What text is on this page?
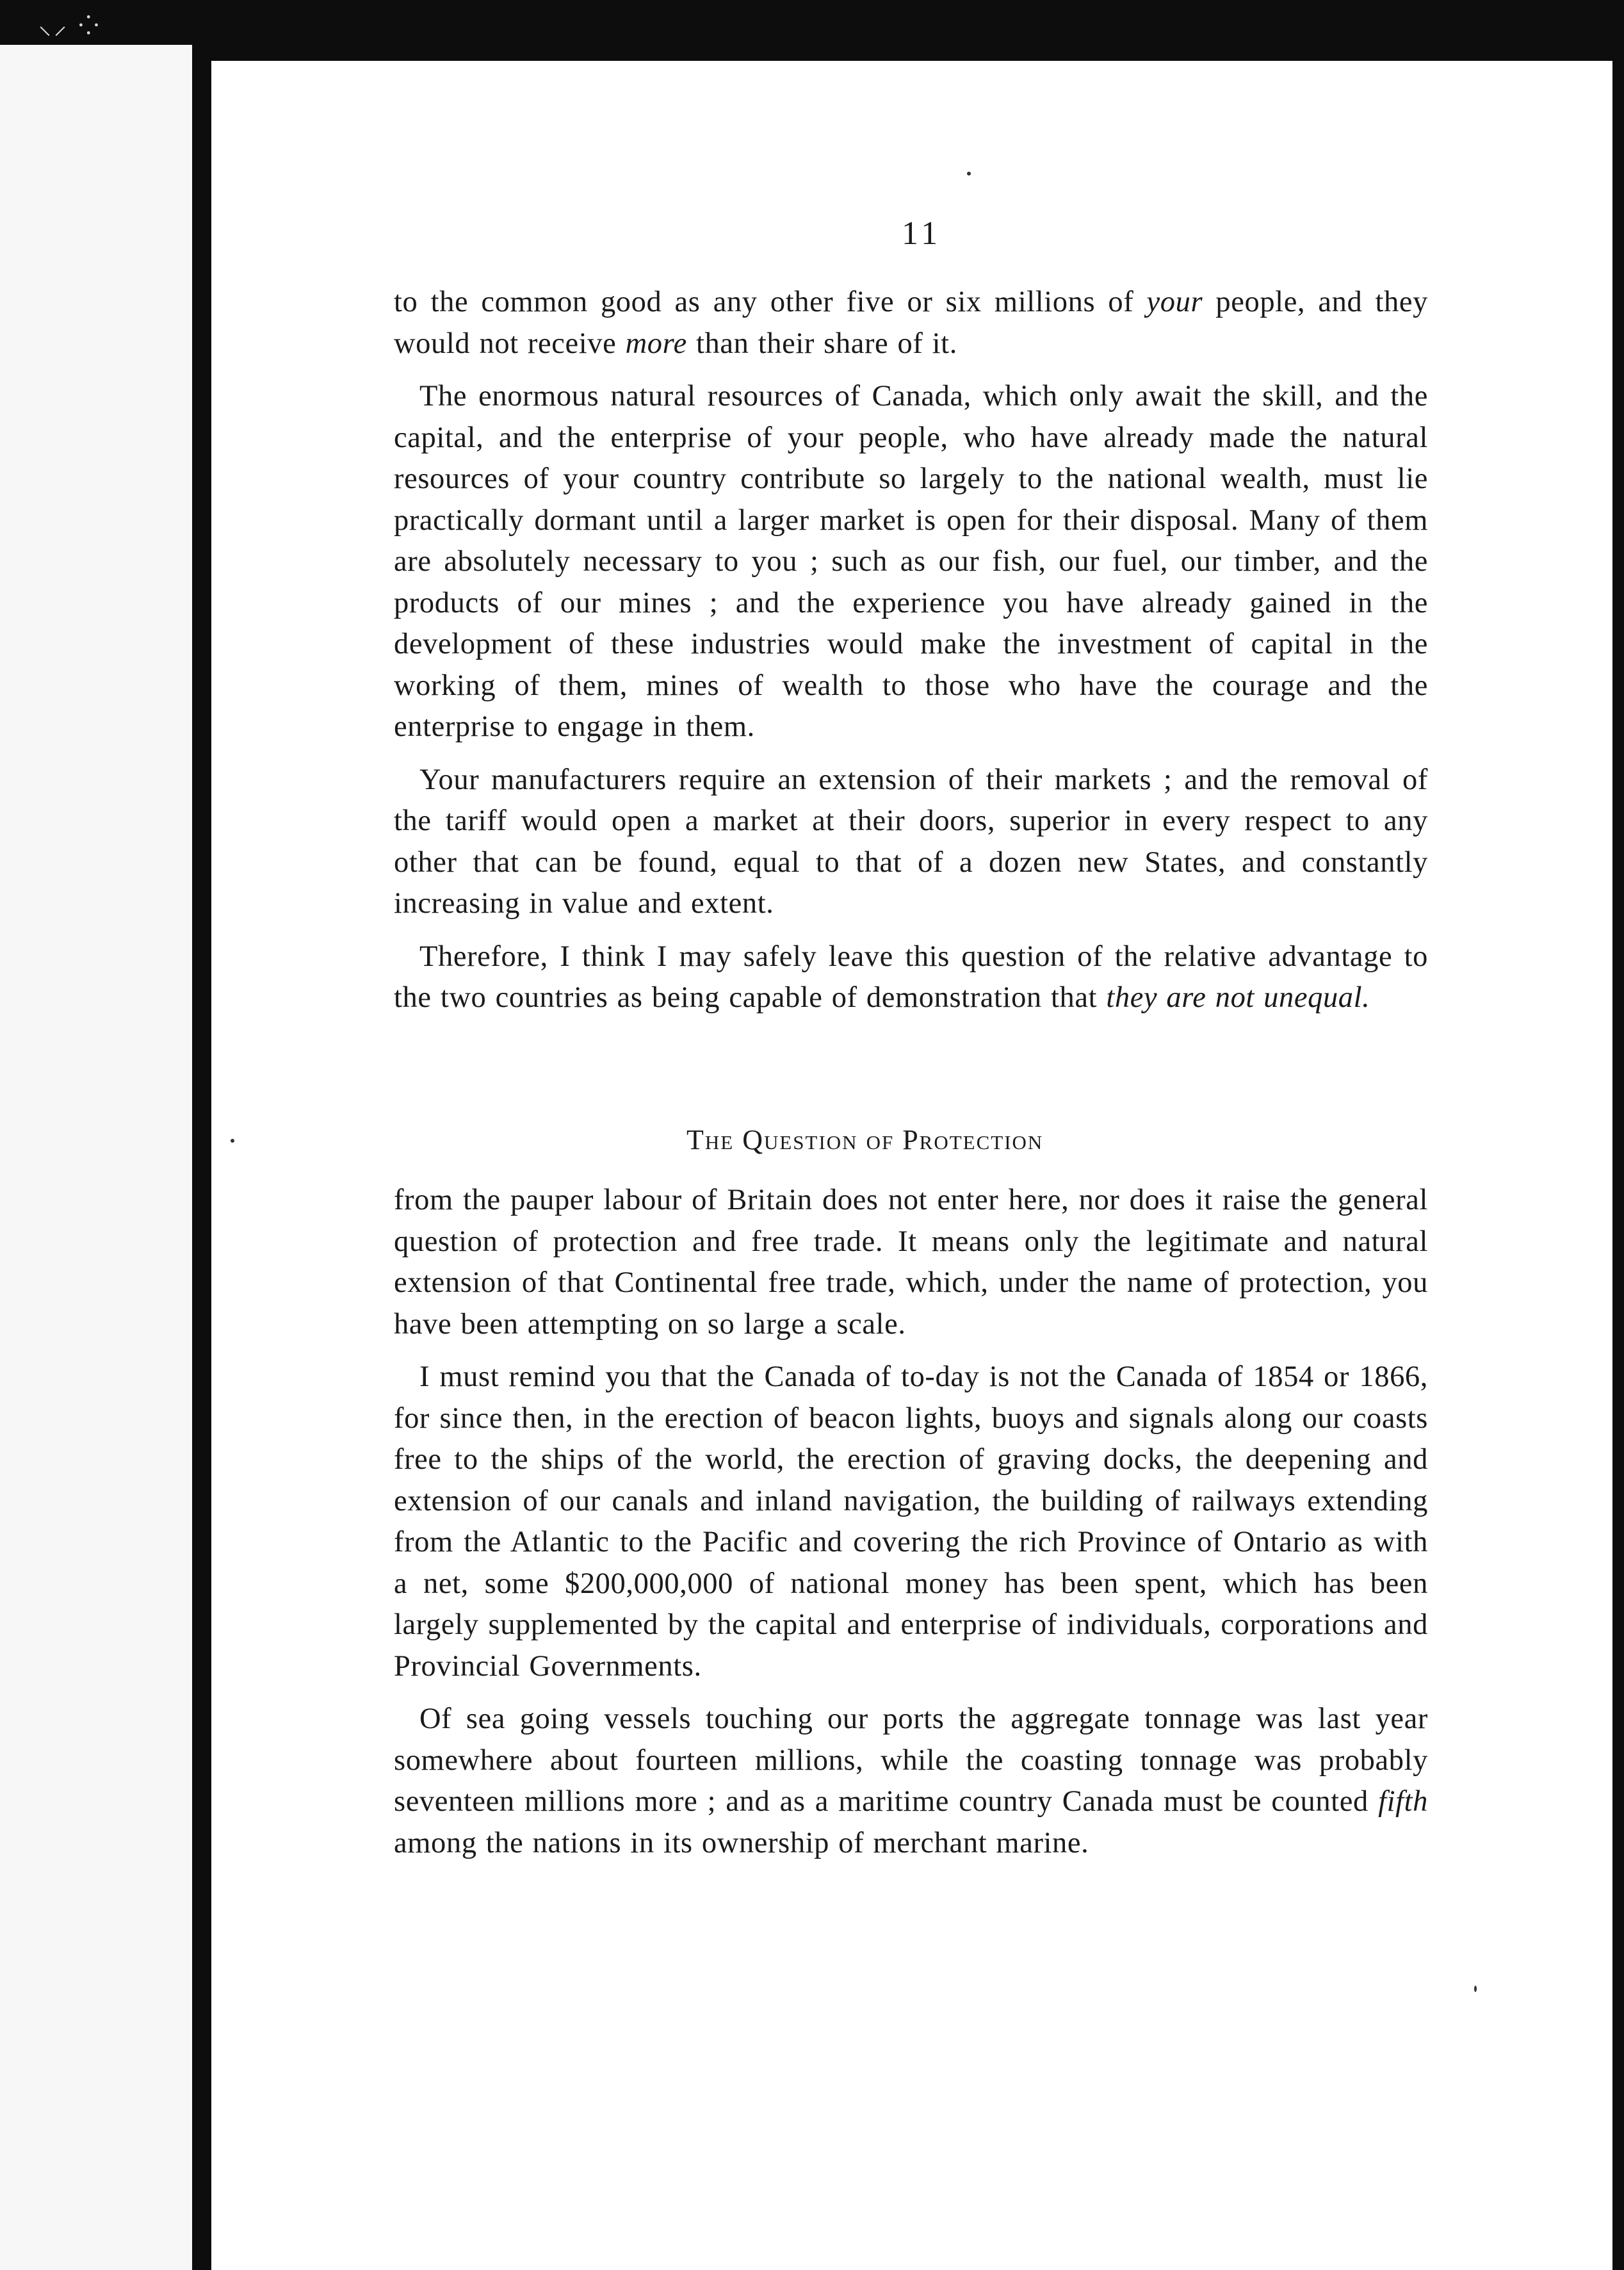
⸜⸝ ⁘
11

to the common good as any other five or six millions of your people, and they would not receive more than their share of it.

The enormous natural resources of Canada, which only await the skill, and the capital, and the enterprise of your people, who have already made the natural resources of your country contribute so largely to the national wealth, must lie practically dormant until a larger market is open for their disposal. Many of them are absolutely necessary to you ; such as our fish, our fuel, our timber, and the products of our mines ; and the experience you have already gained in the development of these industries would make the investment of capital in the working of them, mines of wealth to those who have the courage and the enterprise to engage in them.

Your manufacturers require an extension of their markets ; and the removal of the tariff would open a market at their doors, superior in every respect to any other that can be found, equal to that of a dozen new States, and constantly increasing in value and extent.

Therefore, I think I may safely leave this question of the relative advantage to the two countries as being capable of demonstration that they are not unequal.

The Question of Protection

from the pauper labour of Britain does not enter here, nor does it raise the general question of protection and free trade. It means only the legitimate and natural extension of that Continental free trade, which, under the name of protection, you have been attempting on so large a scale.

I must remind you that the Canada of to-day is not the Canada of 1854 or 1866, for since then, in the erection of beacon lights, buoys and signals along our coasts free to the ships of the world, the erection of graving docks, the deepening and extension of our canals and inland navigation, the building of railways extending from the Atlantic to the Pacific and covering the rich Province of Ontario as with a net, some $200,000,000 of national money has been spent, which has been largely supplemented by the capital and enterprise of individuals, corporations and Provincial Governments.

Of sea going vessels touching our ports the aggregate tonnage was last year somewhere about fourteen millions, while the coasting tonnage was probably seventeen millions more ; and as a maritime country Canada must be counted fifth among the nations in its ownership of merchant marine.
